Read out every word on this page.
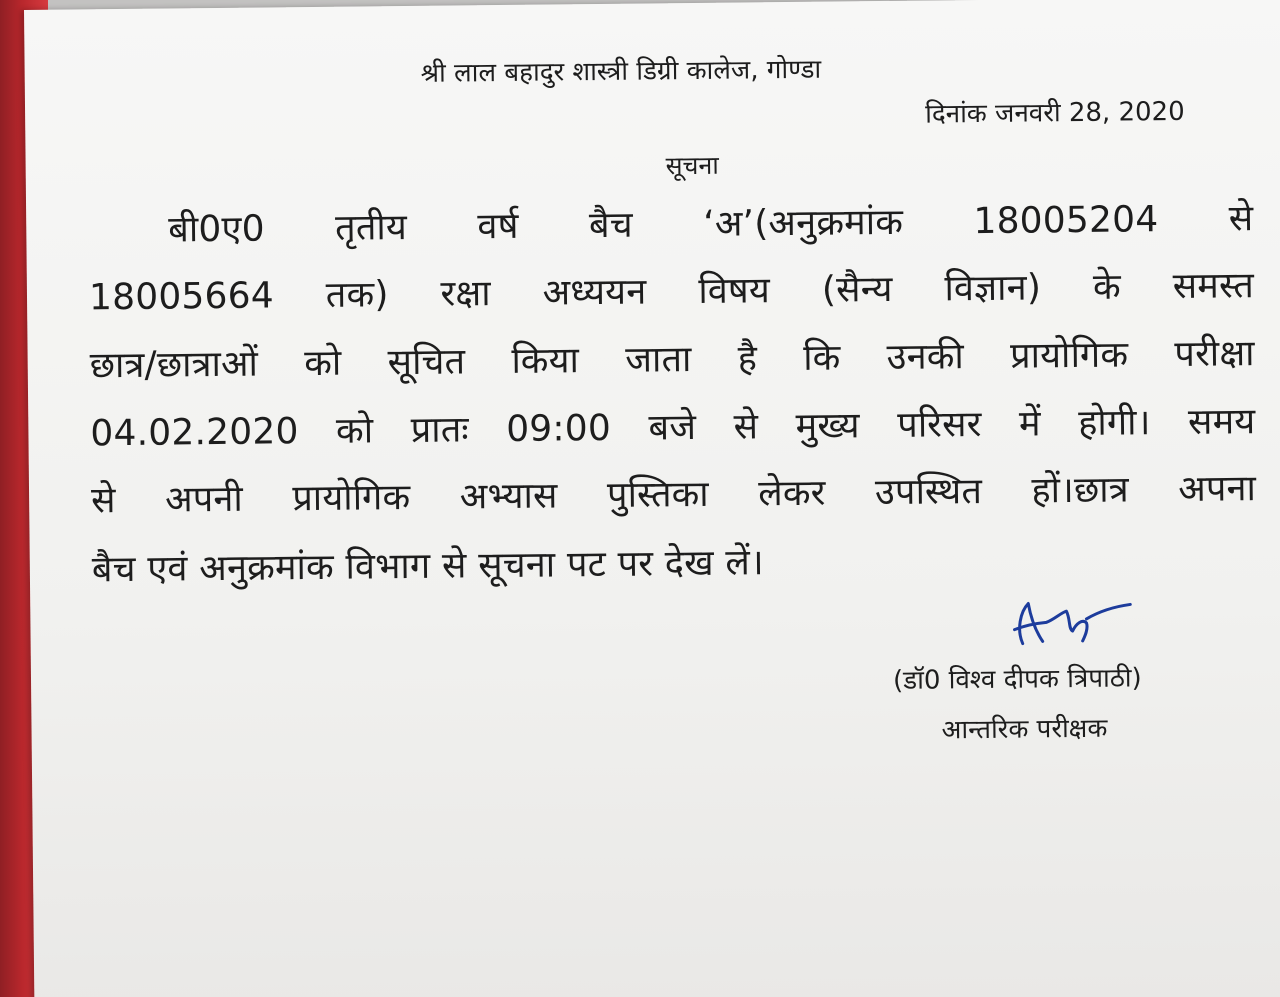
श्री लाल बहादुर शास्त्री डिग्री कालेज, गोण्डा
दिनांक जनवरी 28, 2020
सूचना
बी0ए0 तृतीय वर्ष बैच ‘अ’(अनुक्रमांक 18005204 से
18005664 तक) रक्षा अध्ययन विषय (सैन्य विज्ञान) के समस्त
छात्र/छात्राओं को सूचित किया जाता है कि उनकी प्रायोगिक परीक्षा
04.02.2020 को प्रातः 09:00 बजे से मुख्य परिसर में होगी। समय
से अपनी प्रायोगिक अभ्यास पुस्तिका लेकर उपस्थित हों।छात्र अपना
बैच एवं अनुक्रमांक विभाग से सूचना पट पर देख लें।
(डॉ0 विश्व दीपक त्रिपाठी)
आन्तरिक परीक्षक
